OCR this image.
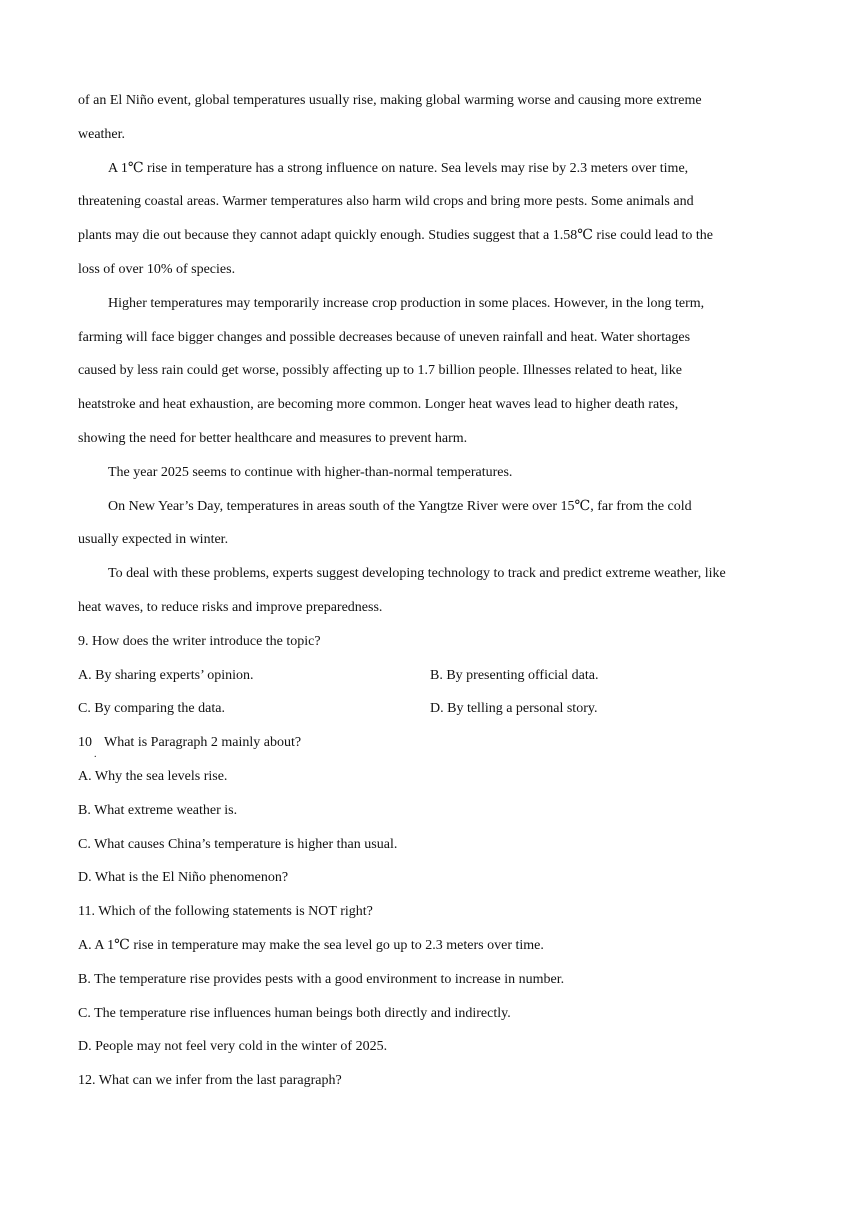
of an El Niño event, global temperatures usually rise, making global warming worse and causing more extreme

weather.

A 1℃ rise in temperature has a strong influence on nature. Sea levels may rise by 2.3 meters over time,

threatening coastal areas. Warmer temperatures also harm wild crops and bring more pests. Some animals and

plants may die out because they cannot adapt quickly enough. Studies suggest that a 1.58℃ rise could lead to the

loss of over 10% of species.

Higher temperatures may temporarily increase crop production in some places. However, in the long term,

farming will face bigger changes and possible decreases because of uneven rainfall and heat. Water shortages

caused by less rain could get worse, possibly affecting up to 1.7 billion people. Illnesses related to heat, like

heatstroke and heat exhaustion, are becoming more common. Longer heat waves lead to higher death rates,

showing the need for better healthcare and measures to prevent harm.

The year 2025 seems to continue with higher-than-normal temperatures.

On New Year’s Day, temperatures in areas south of the Yangtze River were over 15℃, far from the cold

usually expected in winter.

To deal with these problems, experts suggest developing technology to track and predict extreme weather, like

heat waves, to reduce risks and improve preparedness.

9. How does the writer introduce the topic?

A. By sharing experts’ opinion.	B. By presenting official data.
C. By comparing the data.	D. By telling a personal story.

10 What is Paragraph 2 mainly about?
.

A. Why the sea levels rise.

B. What extreme weather is.

C. What causes China’s temperature is higher than usual.

D. What is the El Niño phenomenon?

11. Which of the following statements is NOT right?

A. A 1℃ rise in temperature may make the sea level go up to 2.3 meters over time.

B. The temperature rise provides pests with a good environment to increase in number.

C. The temperature rise influences human beings both directly and indirectly.

D. People may not feel very cold in the winter of 2025.

12. What can we infer from the last paragraph?
